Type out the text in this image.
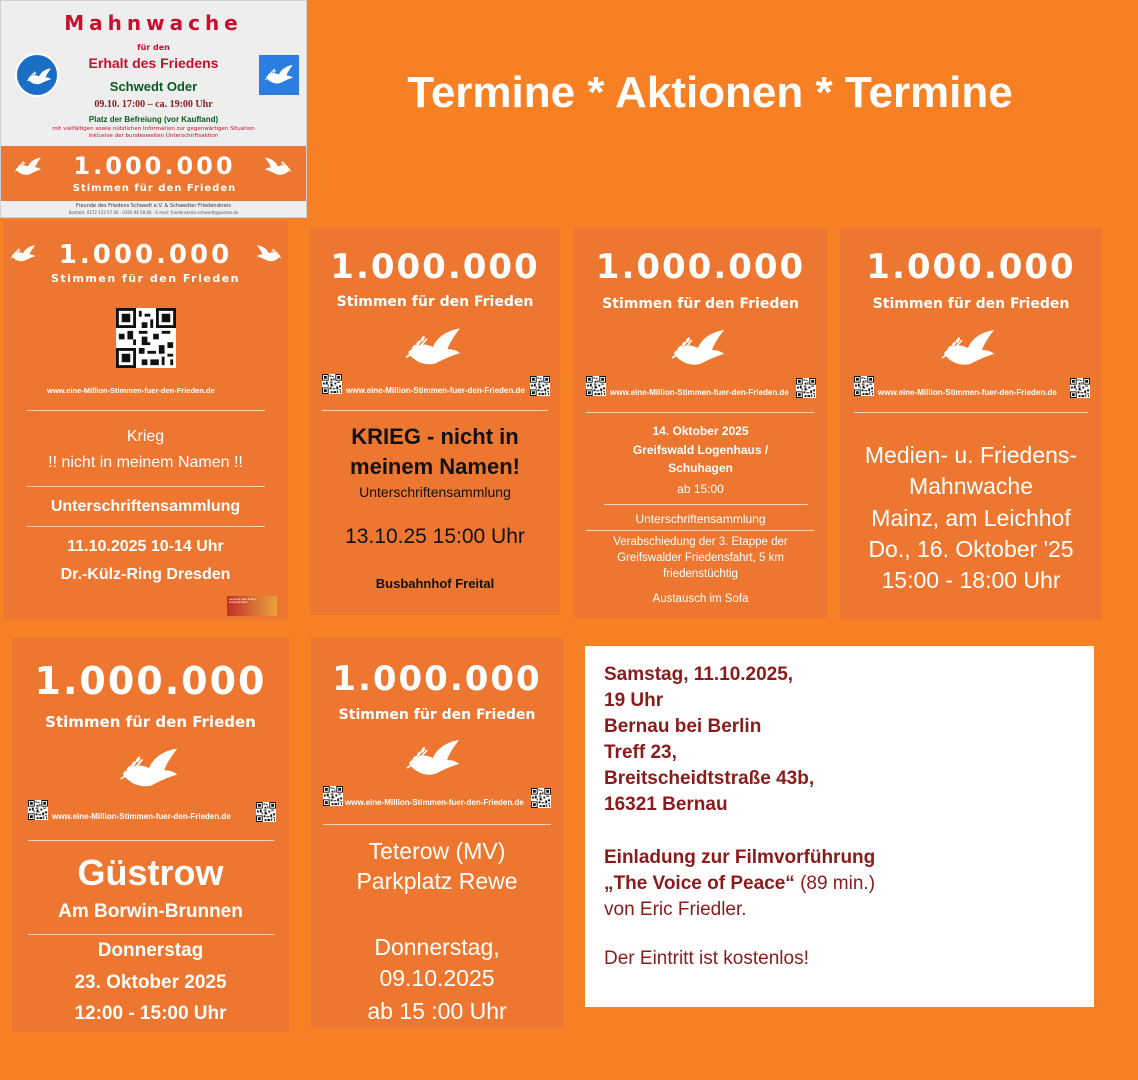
Termine * Aktionen * Termine
Mahnwache
für den
Erhalt des Friedens
Schwedt Oder
09.10. 17:00 – ca. 19:00 Uhr
Platz der Befreiung (vor Kaufland)
mit vielfältigen sowie nützlichen Information zur gegenwärtigen Situation
inklusive der bundesweiten Unterschriftsaktion
1.000.000
Stimmen für den Frieden
Freunde des Friedens Schwedt e.V. & Schwedter Friedenskreis
Kontakt: 0172 123 57 66 · 0160 96 58 66 · E-mail: friedenskreis-schwedt@posteo.de
1.000.000
Stimmen für den Frieden
www.eine-Million-Stimmen-fuer-den-Frieden.de
Krieg
!! nicht in meinem Namen !!
Unterschriftensammlung
11.10.2025 10-14 Uhr
Dr.-Külz-Ring Dresden
sammelt bitte fleißig Unterschriften
1.000.000
Stimmen für den Frieden
www.eine-Million-Stimmen-fuer-den-Frieden.de
KRIEG - nicht in
meinem Namen!
Unterschriftensammlung
13.10.25 15:00 Uhr
Busbahnhof Freital
1.000.000
Stimmen für den Frieden
www.eine-Million-Stimmen-fuer-den-Frieden.de
14. Oktober 2025
Greifswald Logenhaus /
Schuhagen
ab 15:00
Unterschriftensammlung
Verabschiedung der 3. Etappe der
Greifswalder Friedensfahrt, 5 km
friedenstüchtig
Austausch im Sofa
1.000.000
Stimmen für den Frieden
www.eine-Million-Stimmen-fuer-den-Frieden.de
Medien- u. Friedens-
Mahnwache
Mainz, am Leichhof
Do., 16. Oktober '25
15:00 - 18:00 Uhr
1.000.000
Stimmen für den Frieden
www.eine-Million-Stimmen-fuer-den-Frieden.de
Güstrow
Am Borwin-Brunnen
Donnerstag
23. Oktober 2025
12:00 - 15:00 Uhr
1.000.000
Stimmen für den Frieden
www.eine-Million-Stimmen-fuer-den-Frieden.de
Teterow (MV)
Parkplatz Rewe
Donnerstag,
09.10.2025
ab 15 :00 Uhr
Samstag, 11.10.2025,
19 Uhr
Bernau bei Berlin
Treff 23,
Breitscheidtstraße 43b,
16321 Bernau
Einladung zur Filmvorführung
„The Voice of Peace“ (89 min.)
von Eric Friedler.
Der Eintritt ist kostenlos!
